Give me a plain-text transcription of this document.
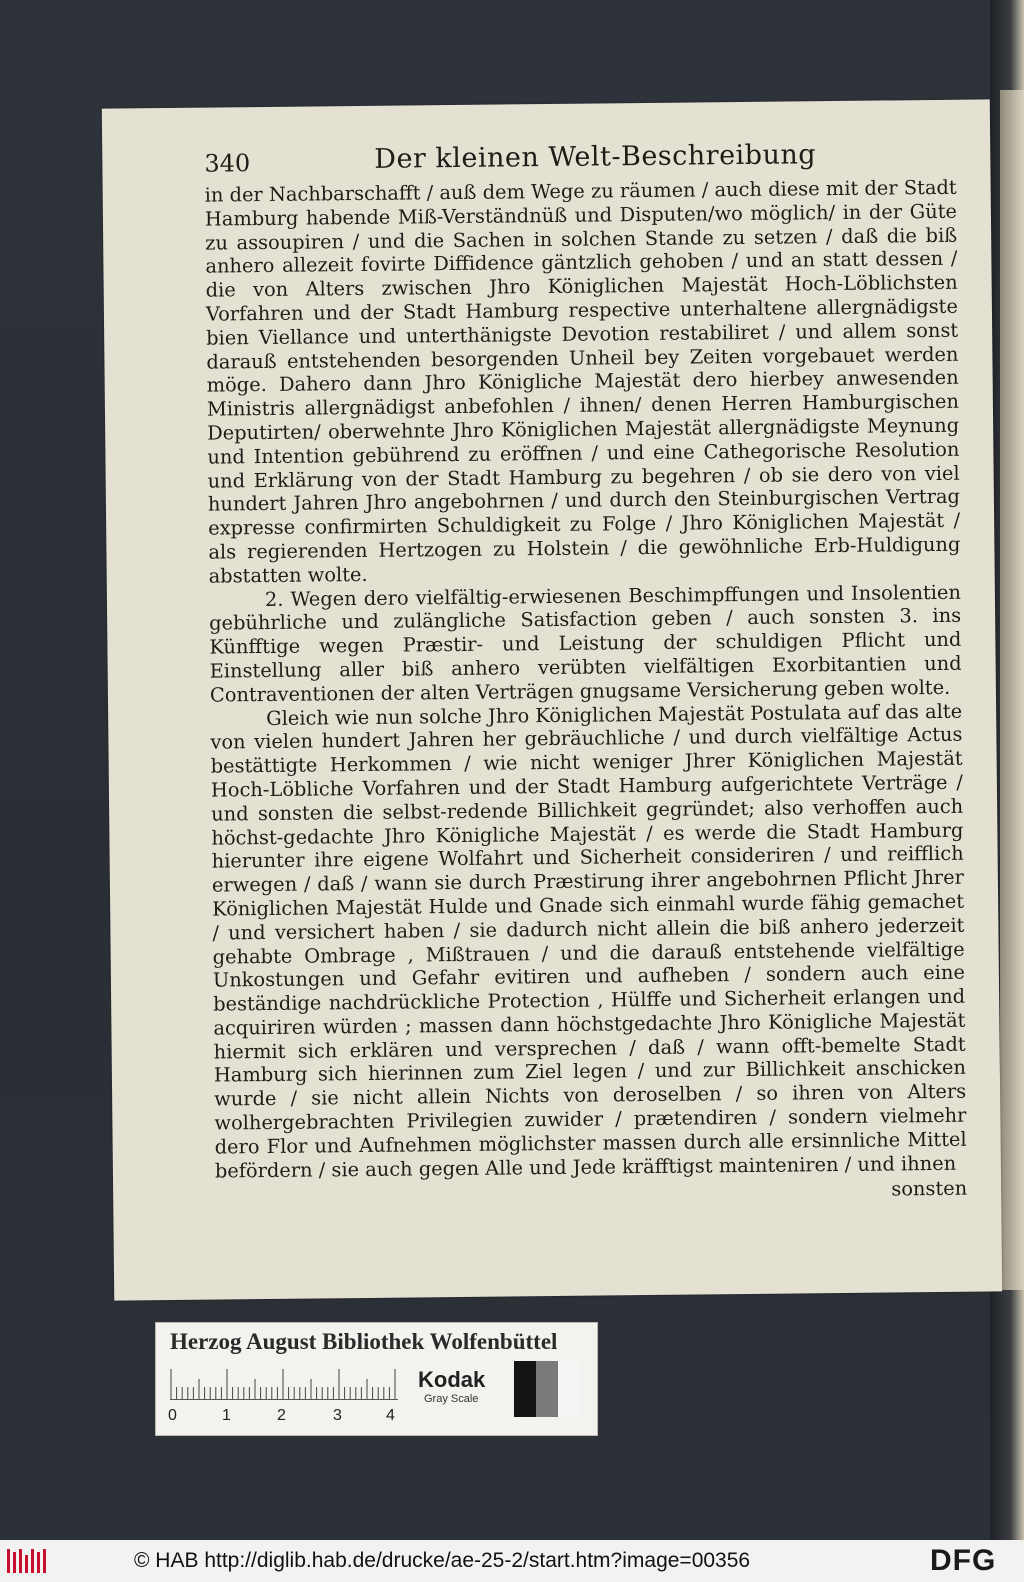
340	Der kleinen Welt-Beschreibung

in der Nachbarschafft / auß dem Wege zu räumen / auch diese mit der Stadt Hamburg habende Miß-Verständnüß und Disputen/wo möglich/ in der Güte zu assoupiren / und die Sachen in solchen Stande zu setzen / daß die biß anhero allezeit fovirte Diffidence gäntzlich gehoben / und an statt dessen / die von Alters zwischen Jhro Königlichen Majestät Hoch-Löblichsten Vorfahren und der Stadt Hamburg respective unterhaltene allergnädigste bien Viellance und unterthänigste Devotion restabiliret / und allem sonst darauß entstehenden besorgenden Unheil bey Zeiten vorgebauet werden möge. Dahero dann Jhro Königliche Majestät dero hierbey anwesenden Ministris allergnädigst anbefohlen / ihnen/ denen Herren Hamburgischen Deputirten/ oberwehnte Jhro Königlichen Majestät allergnädigste Meynung und Intention gebührend zu eröffnen / und eine Cathegorische Resolution und Erklärung von der Stadt Hamburg zu begehren / ob sie dero von viel hundert Jahren Jhro angebohrnen / und durch den Steinburgischen Vertrag expresse confirmirten Schuldigkeit zu Folge / Jhro Königlichen Majestät / als regierenden Hertzogen zu Holstein / die gewöhnliche Erb-Huldigung abstatten wolte.

2. Wegen dero vielfältig-erwiesenen Beschimpffungen und Insolentien gebührliche und zulängliche Satisfaction geben / auch sonsten 3. ins Künfftige wegen Præstir- und Leistung der schuldigen Pflicht und Einstellung aller biß anhero verübten vielfältigen Exorbitantien und Contraventionen der alten Verträgen gnugsame Versicherung geben wolte.

Gleich wie nun solche Jhro Königlichen Majestät Postulata auf das alte von vielen hundert Jahren her gebräuchliche / und durch vielfältige Actus bestättigte Herkommen / wie nicht weniger Jhrer Königlichen Majestät Hoch-Löbliche Vorfahren und der Stadt Hamburg aufgerichtete Verträge / und sonsten die selbst-redende Billichkeit gegründet; also verhoffen auch höchst-gedachte Jhro Königliche Majestät / es werde die Stadt Hamburg hierunter ihre eigene Wolfahrt und Sicherheit consideriren / und reifflich erwegen / daß / wann sie durch Præstirung ihrer angebohrnen Pflicht Jhrer Königlichen Majestät Hulde und Gnade sich einmahl wurde fähig gemachet / und versichert haben / sie dadurch nicht allein die biß anhero jederzeit gehabte Ombrage , Mißtrauen / und die darauß entstehende vielfältige Unkostungen und Gefahr evitiren und aufheben / sondern auch eine beständige nachdrückliche Protection , Hülffe und Sicherheit erlangen und acquiriren würden ; massen dann höchstgedachte Jhro Königliche Majestät hiermit sich erklären und versprechen / daß / wann offt-bemelte Stadt Hamburg sich hierinnen zum Ziel legen / und zur Billichkeit anschicken wurde / sie nicht allein Nichts von deroselben / so ihren von Alters wolhergebrachten Privilegien zuwider / prætendiren / sondern vielmehr dero Flor und Aufnehmen möglichster massen durch alle ersinnliche Mittel befördern / sie auch gegen Alle und Jede kräfftigst mainteniren / und ihnen

sonsten
Herzog August Bibliothek Wolfenbüttel
0	1	2	3	4
Kodak
Gray Scale
© HAB http://diglib.hab.de/drucke/ae-25-2/start.htm?image=00356	DFG
